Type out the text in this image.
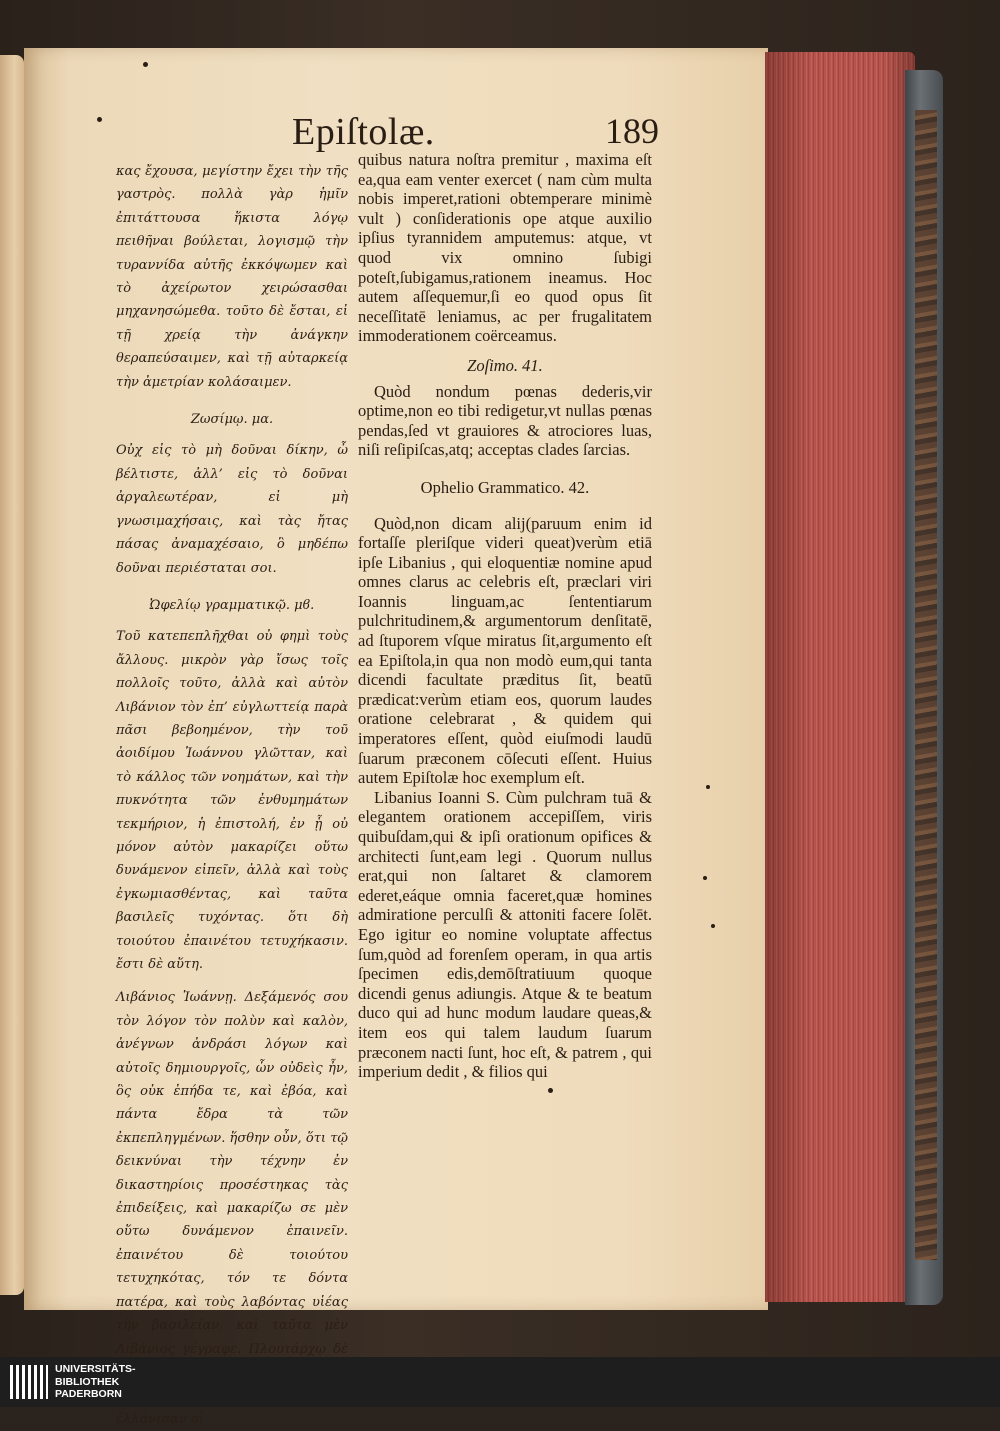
Epiſtolæ.	189

κας ἔχουσα, μεγίστην ἔχει τὴν τῆς γαστρὸς. πολλὰ γὰρ ἡμῖν ἐπιτάττουσα ἥκιστα λόγῳ πειθῆναι βούλεται, λογισμῷ τὴν τυραννίδα αὐτῆς ἐκκόψωμεν καὶ τὸ ἀχείρωτον χειρώσασθαι μηχανησώμεθα. τοῦτο δὲ ἔσται, εἰ τῇ χρείᾳ τὴν ἀνάγκην θεραπεύσαιμεν, καὶ τῇ αὐταρκείᾳ τὴν ἀμετρίαν κολάσαιμεν.

Ζωσίμῳ. μα.

Οὐχ εἰς τὸ μὴ δοῦναι δίκην, ὦ βέλτιστε, ἀλλ’ εἰς τὸ δοῦναι ἀργαλεωτέραν, εἰ μὴ γνωσιμαχήσαις, καὶ τὰς ἤτας πάσας ἀναμαχέσαιο, ὃ μηδέπω δοῦναι περιέσταται σοι.

Ὠφελίῳ γραμματικῷ. μϐ.

Τοῦ κατεπεπλῆχθαι οὐ φημὶ τοὺς ἄλλους. μικρὸν γὰρ ἴσως τοῖς πολλοῖς τοῦτο, ἀλλὰ καὶ αὐτὸν Λιβάνιον τὸν ἐπ’ εὐγλωττείᾳ παρὰ πᾶσι βεβοημένον, τὴν τοῦ ἀοιδίμου Ἰωάννου γλῶτταν, καὶ τὸ κάλλος τῶν νοημάτων, καὶ τὴν πυκνότητα τῶν ἐνθυμημάτων τεκμήριον, ἡ ἐπιστολή, ἐν ᾗ οὐ μόνον αὐτὸν μακαρίζει οὕτω δυνάμενον εἰπεῖν, ἀλλὰ καὶ τοὺς ἐγκωμιασθέντας, καὶ ταῦτα βασιλεῖς τυχόντας. ὅτι δὴ τοιούτου ἐπαινέτου τετυχήκασιν. ἔστι δὲ αὕτη.

Λιβάνιος Ἰωάννῃ. Δεξάμενός σου τὸν λόγον τὸν πολὺν καὶ καλὸν, ἀνέγνων ἀνδράσι λόγων καὶ αὐτοῖς δημιουργοῖς, ὧν οὐδεὶς ἦν, ὃς οὐκ ἐπήδα τε, καὶ ἐβόα, καὶ πάντα ἔδρα τὰ τῶν ἐκπεπληγμένων. ἥσθην οὖν, ὅτι τῷ δεικνύναι τὴν τέχνην ἐν δικαστηρίοις προσέστηκας τὰς ἐπιδείξεις, καὶ μακαρίζω σε μὲν οὕτω δυνάμενον ἐπαινεῖν. ἐπαινέτου δὲ τοιούτου τετυχηκότας, τόν τε δόντα πατέρα, καὶ τοὺς λαβόντας υἱέας τὴν βασιλείαν. καὶ ταῦτα μὲν Λιβάνιος γέγραφε. Πλουτάρχῳ δὲ ἑλλάνισαν οἱ

quibus natura noſtra premitur , maxima eſt ea,qua eam venter exercet ( nam cùm multa nobis imperet,rationi obtemperare minimè vult ) conſiderationis ope atque auxilio ipſius tyrannidem amputemus: atque, vt quod vix omnino ſubigi poteſt,ſubigamus,rationem ineamus. Hoc autem aſſequemur,ſi eo quod opus ſit neceſſitatē leniamus, ac per frugalitatem immoderationem coërceamus.

Zoſimo. 41.

Quòd nondum pœnas dederis,vir optime,non eo tibi redigetur,vt nullas pœnas pendas,ſed vt grauiores & atrociores luas, niſi reſipiſcas,atq; acceptas clades ſarcias.

Ophelio Grammatico. 42.

Quòd,non dicam alij(paruum enim id fortaſſe pleriſque videri queat)verùm etiā ipſe Libanius , qui eloquentiæ nomine apud omnes clarus ac celebris eſt, præclari viri Ioannis linguam,ac ſententiarum pulchritudinem,& argumentorum denſitatē, ad ſtuporem vſque miratus ſit,argumento eſt ea Epiſtola,in qua non modò eum,qui tanta dicendi facultate præditus ſit, beatū prædicat:verùm etiam eos, quorum laudes oratione celebrarat , & quidem qui imperatores eſſent, quòd eiuſmodi laudū ſuarum præconem cōſecuti eſſent. Huius autem Epiſtolæ hoc exemplum eſt.

Libanius Ioanni S. Cùm pulchram tuā & elegantem orationem accepiſſem, viris quibuſdam,qui & ipſi orationum opifices & architecti ſunt,eam legi . Quorum nullus erat,qui non ſaltaret & clamorem ederet,eáque omnia faceret,quæ homines admiratione perculſi & attoniti facere ſolēt. Ego igitur eo nomine voluptate affectus ſum,quòd ad forenſem operam, in qua artis ſpecimen edis,demōſtratiuum quoque dicendi genus adiungis. Atque & te beatum duco qui ad hunc modum laudare queas,& item eos qui talem laudum ſuarum præconem nacti ſunt, hoc eſt, & patrem , qui imperium dedit , & filios qui

UNIVERSITÄTS-
BIBLIOTHEK
PADERBORN
